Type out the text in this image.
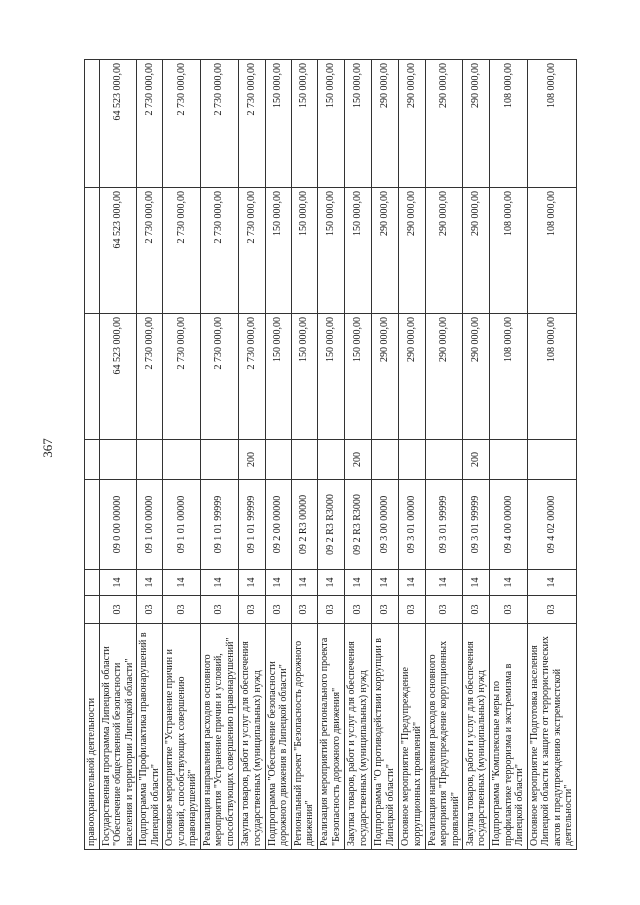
367
правоохранительной деятельности							
Государственная программа Липецкой области "Обеспечение общественной безопасности населения и территории Липецкой области"	03	14	09 0 00 00000		64 523 000,00	64 523 000,00	64 523 000,00
Подпрограмма "Профилактика правонарушений в Липецкой области"	03	14	09 1 00 00000		2 730 000,00	2 730 000,00	2 730 000,00
Основное мероприятие "Устранение причин и условий, способствующих совершению правонарушений"	03	14	09 1 01 00000		2 730 000,00	2 730 000,00	2 730 000,00
Реализация направления расходов основного мероприятия "Устранение причин и условий, способствующих совершению правонарушений"	03	14	09 1 01 99999		2 730 000,00	2 730 000,00	2 730 000,00
Закупка товаров, работ и услуг для обеспечения государственных (муниципальных) нужд	03	14	09 1 01 99999	200	2 730 000,00	2 730 000,00	2 730 000,00
Подпрограмма "Обеспечение безопасности дорожного движения в Липецкой области"	03	14	09 2 00 00000		150 000,00	150 000,00	150 000,00
Региональный проект "Безопасность дорожного движения"	03	14	09 2 R3 00000		150 000,00	150 000,00	150 000,00
Реализация мероприятий регионального проекта "Безопасность дорожного движения"	03	14	09 2 R3 R3000		150 000,00	150 000,00	150 000,00
Закупка товаров, работ и услуг для обеспечения государственных (муниципальных) нужд	03	14	09 2 R3 R3000	200	150 000,00	150 000,00	150 000,00
Подпрограмма "О противодействии коррупции в Липецкой области"	03	14	09 3 00 00000		290 000,00	290 000,00	290 000,00
Основное мероприятие "Предупреждение коррупционных проявлений"	03	14	09 3 01 00000		290 000,00	290 000,00	290 000,00
Реализация направления расходов основного мероприятия "Предупреждение коррупционных проявлений"	03	14	09 3 01 99999		290 000,00	290 000,00	290 000,00
Закупка товаров, работ и услуг для обеспечения государственных (муниципальных) нужд	03	14	09 3 01 99999	200	290 000,00	290 000,00	290 000,00
Подпрограмма "Комплексные меры по профилактике терроризма и экстремизма в Липецкой области"	03	14	09 4 00 00000		108 000,00	108 000,00	108 000,00
Основное мероприятие "Подготовка населения Липецкой области к защите от террористических актов и предупреждению экстремистской деятельности"	03	14	09 4 02 00000		108 000,00	108 000,00	108 000,00
